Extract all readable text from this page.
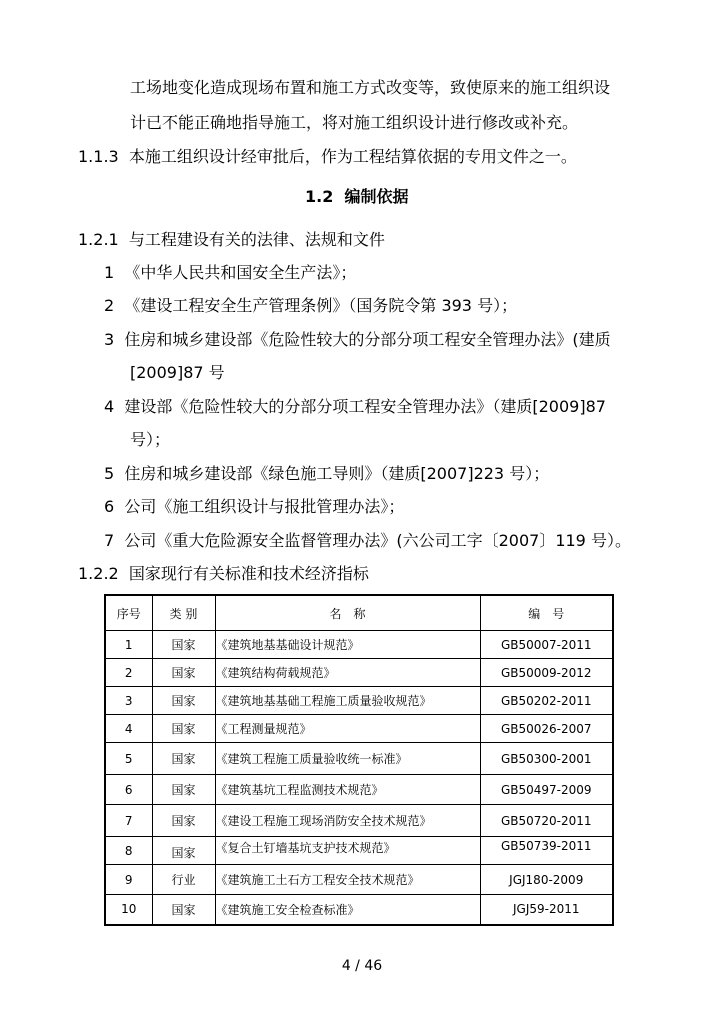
工场地变化造成现场布置和施工方式改变等，致使原来的施工组织设
计已不能正确地指导施工，将对施工组织设计进行修改或补充。
1.1.3 本施工组织设计经审批后，作为工程结算依据的专用文件之一。
1.2 编制依据
1.2.1 与工程建设有关的法律、法规和文件
1 《中华人民共和国安全生产法》；
2 《建设工程安全生产管理条例》（国务院令第 393 号）；
3 住房和城乡建设部《危险性较大的分部分项工程安全管理办法》(建质
[2009]87 号
4 建设部《危险性较大的分部分项工程安全管理办法》（建质[2009]87
号）；
5 住房和城乡建设部《绿色施工导则》（建质[2007]223 号）；
6 公司《施工组织设计与报批管理办法》；
7 公司《重大危险源安全监督管理办法》(六公司工字〔2007〕119 号）。
1.2.2 国家现行有关标准和技术经济指标
序号	类 别	名　称	编　号
1	国家	《建筑地基基础设计规范》	GB50007-2011
2	国家	《建筑结构荷载规范》	GB50009-2012
3	国家	《建筑地基基础工程施工质量验收规范》	GB50202-2011
4	国家	《工程测量规范》	GB50026-2007
5	国家	《建筑工程施工质量验收统一标准》	GB50300-2001
6	国家	《建筑基坑工程监测技术规范》	GB50497-2009
7	国家	《建设工程施工现场消防安全技术规范》	GB50720-2011
8	国家	《复合土钉墙基坑支护技术规范》	GB50739-2011
9	行业	《建筑施工土石方工程安全技术规范》	JGJ180-2009
10	国家	《建筑施工安全检查标准》	JGJ59-2011
4 / 46
